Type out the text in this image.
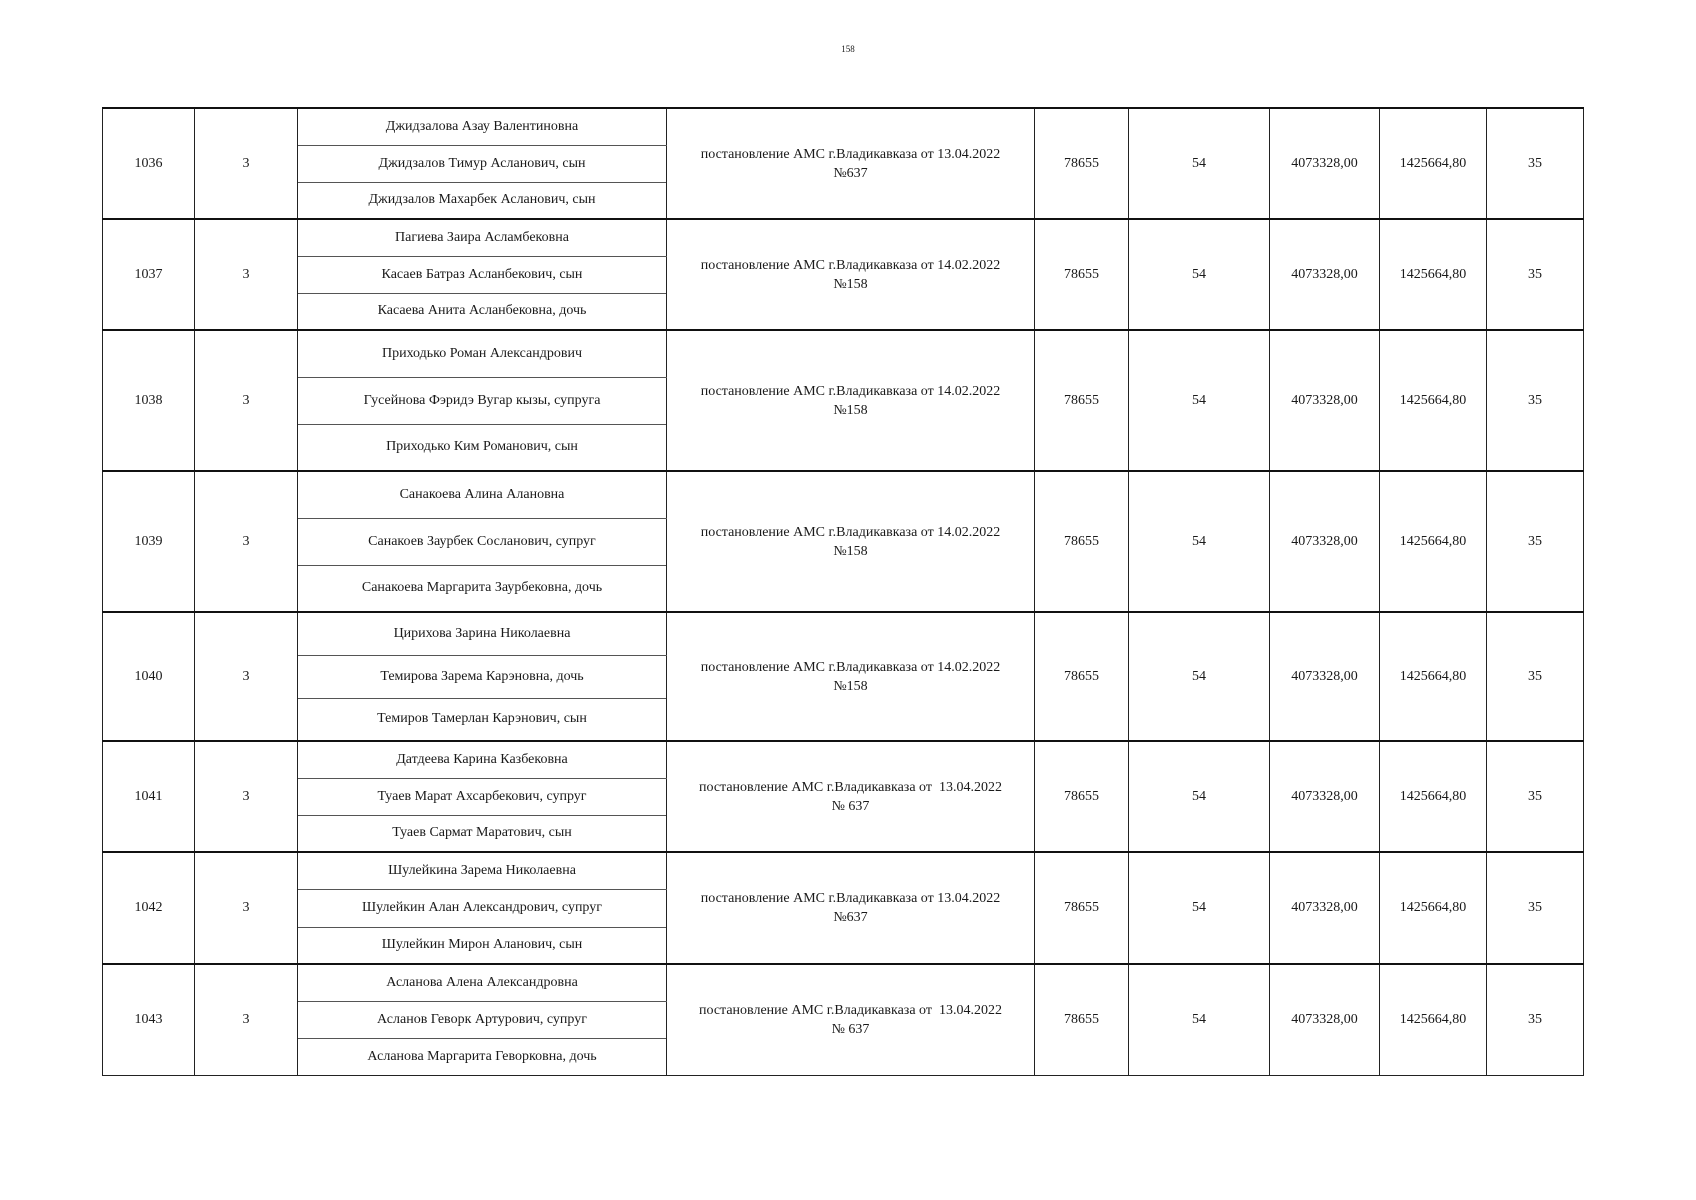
158
1036	3	Джидзалова Азау Валентиновна	постановление АМС г.Владикавказа от 13.04.2022
№637	78655	54	4073328,00	1425664,80	35
		Джидзалов Тимур Асланович, сын						
		Джидзалов Махарбек Асланович, сын						
1037	3	Пагиева Заира Асламбековна	постановление АМС г.Владикавказа от 14.02.2022
№158	78655	54	4073328,00	1425664,80	35
		Касаев Батраз Асланбекович, сын						
		Касаева Анита Асланбековна, дочь						
1038	3	Приходько Роман Александрович	постановление АМС г.Владикавказа от 14.02.2022
№158	78655	54	4073328,00	1425664,80	35
		Гусейнова Фэридэ Вугар кызы, супруга						
		Приходько Ким Романович, сын						
1039	3	Санакоева Алина Алановна	постановление АМС г.Владикавказа от 14.02.2022
№158	78655	54	4073328,00	1425664,80	35
		Санакоев Заурбек Сосланович, супруг						
		Санакоева Маргарита Заурбековна, дочь						
1040	3	Цирихова Зарина Николаевна	постановление АМС г.Владикавказа от 14.02.2022
№158	78655	54	4073328,00	1425664,80	35
		Темирова Зарема Карэновна, дочь						
		Темиров Тамерлан Карэнович, сын						
1041	3	Датдеева Карина Казбековна	постановление АМС г.Владикавказа от  13.04.2022
№ 637	78655	54	4073328,00	1425664,80	35
		Туаев Марат Ахсарбекович, супруг						
		Туаев Сармат Маратович, сын						
1042	3	Шулейкина Зарема Николаевна	постановление АМС г.Владикавказа от 13.04.2022
№637	78655	54	4073328,00	1425664,80	35
		Шулейкин Алан Александрович, супруг						
		Шулейкин Мирон Аланович, сын						
1043	3	Асланова Алена Александровна	постановление АМС г.Владикавказа от  13.04.2022
№ 637	78655	54	4073328,00	1425664,80	35
		Асланов Геворк Артурович, супруг						
		Асланова Маргарита Геворковна, дочь						
